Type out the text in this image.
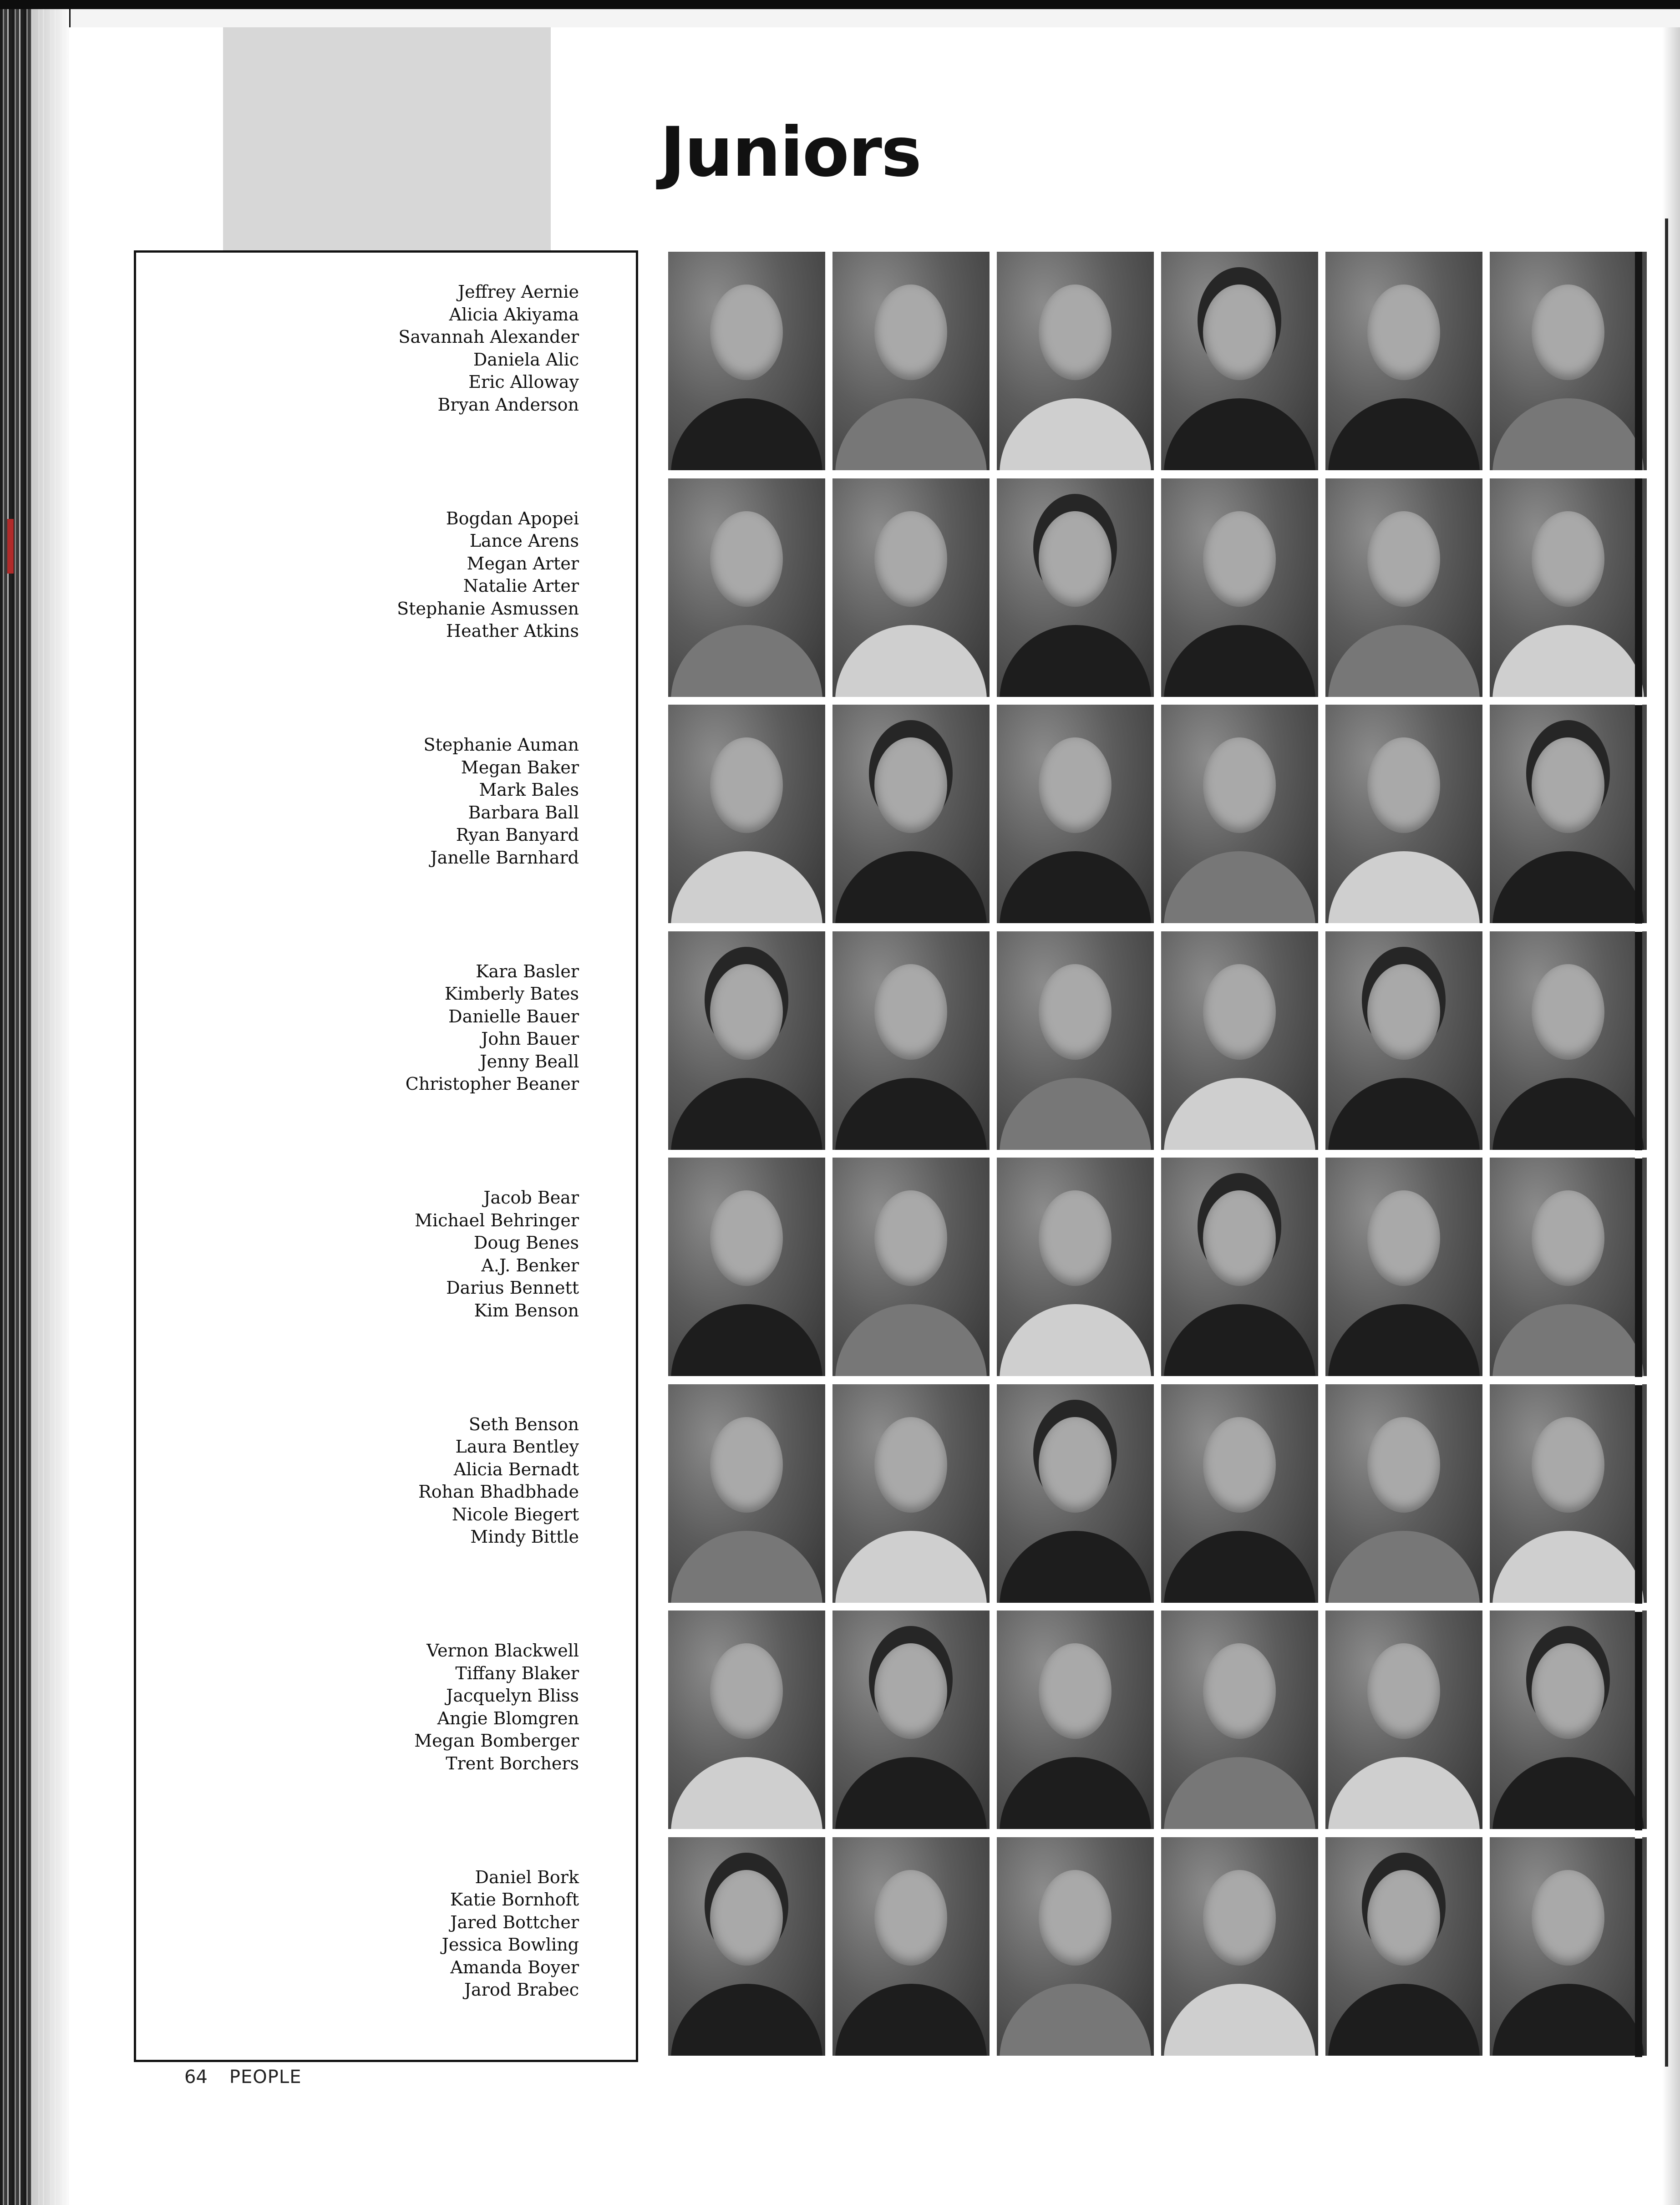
Juniors
Jeffrey Aernie
Alicia Akiyama
Savannah Alexander
Daniela Alic
Eric Alloway
Bryan Anderson
Bogdan Apopei
Lance Arens
Megan Arter
Natalie Arter
Stephanie Asmussen
Heather Atkins
Stephanie Auman
Megan Baker
Mark Bales
Barbara Ball
Ryan Banyard
Janelle Barnhard
Kara Basler
Kimberly Bates
Danielle Bauer
John Bauer
Jenny Beall
Christopher Beaner
Jacob Bear
Michael Behringer
Doug Benes
A.J. Benker
Darius Bennett
Kim Benson
Seth Benson
Laura Bentley
Alicia Bernadt
Rohan Bhadbhade
Nicole Biegert
Mindy Bittle
Vernon Blackwell
Tiffany Blaker
Jacquelyn Bliss
Angie Blomgren
Megan Bomberger
Trent Borchers
Daniel Bork
Katie Bornhoft
Jared Bottcher
Jessica Bowling
Amanda Boyer
Jarod Brabec
64 PEOPLE
